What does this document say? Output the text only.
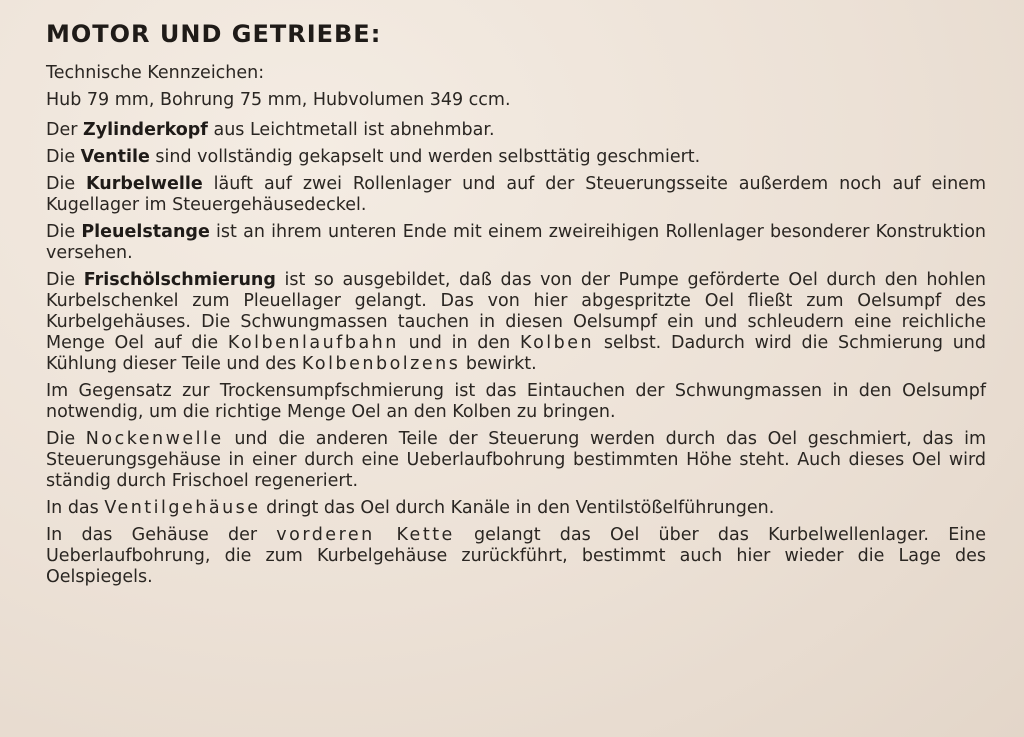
MOTOR UND GETRIEBE:

Technische Kennzeichen:
Hub 79 mm, Bohrung 75 mm, Hubvolumen 349 ccm.

Der Zylinderkopf aus Leichtmetall ist abnehmbar.

Die Ventile sind vollständig gekapselt und werden selbsttätig geschmiert.

Die Kurbelwelle läuft auf zwei Rollenlager und auf der Steuerungsseite außerdem noch auf einem Kugellager im Steuergehäusedeckel.

Die Pleuelstange ist an ihrem unteren Ende mit einem zweireihigen Rollenlager besonderer Konstruktion versehen.

Die Frischölschmierung ist so ausgebildet, daß das von der Pumpe geförderte Oel durch den hohlen Kurbelschenkel zum Pleuellager gelangt. Das von hier abgespritzte Oel fließt zum Oelsumpf des Kurbelgehäuses. Die Schwungmassen tauchen in diesen Oelsumpf ein und schleudern eine reichliche Menge Oel auf die Kolbenlaufbahn und in den Kolben selbst. Dadurch wird die Schmierung und Kühlung dieser Teile und des Kolbenbolzens bewirkt.

Im Gegensatz zur Trockensumpfschmierung ist das Eintauchen der Schwungmassen in den Oelsumpf notwendig, um die richtige Menge Oel an den Kolben zu bringen.

Die Nockenwelle und die anderen Teile der Steuerung werden durch das Oel geschmiert, das im Steuerungsgehäuse in einer durch eine Ueberlaufbohrung bestimmten Höhe steht. Auch dieses Oel wird ständig durch Frischoel regeneriert.

In das Ventilgehäuse dringt das Oel durch Kanäle in den Ventilstößelführungen.

In das Gehäuse der vorderen Kette gelangt das Oel über das Kurbelwellenlager. Eine Ueberlaufbohrung, die zum Kurbelgehäuse zurückführt, bestimmt auch hier wieder die Lage des Oelspiegels.
